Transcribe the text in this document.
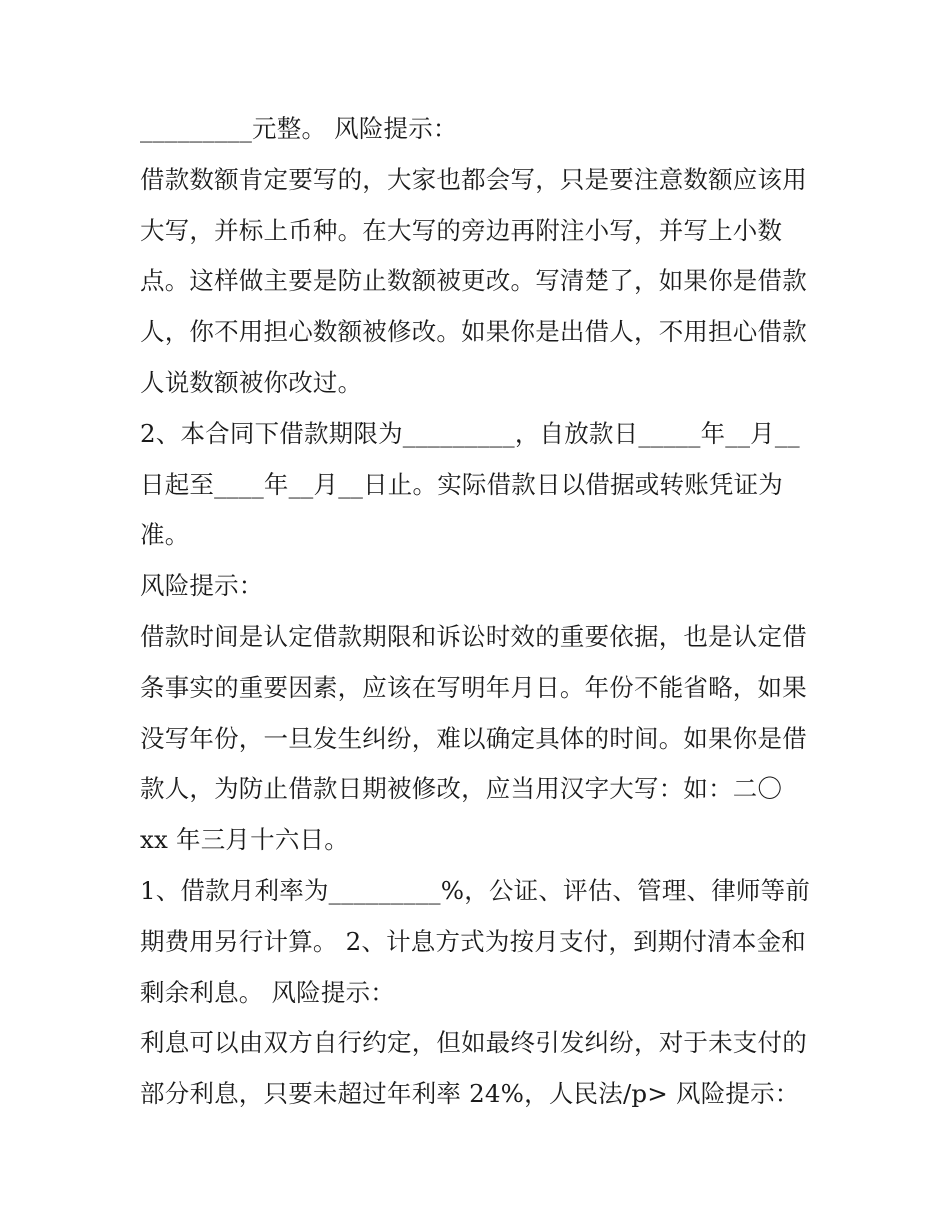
_________元整。 风险提示：
借款数额肯定要写的，大家也都会写，只是要注意数额应该用
大写，并标上币种。在大写的旁边再附注小写，并写上小数
点。这样做主要是防止数额被更改。写清楚了，如果你是借款
人，你不用担心数额被修改。如果你是出借人，不用担心借款
人说数额被你改过。
2、本合同下借款期限为_________，自放款日_____年__月__
日起至____年__月__日止。实际借款日以借据或转账凭证为
准。
风险提示：
借款时间是认定借款期限和诉讼时效的重要依据，也是认定借
条事实的重要因素，应该在写明年月日。年份不能省略，如果
没写年份，一旦发生纠纷，难以确定具体的时间。如果你是借
款人，为防止借款日期被修改，应当用汉字大写：如：二〇
xx 年三月十六日。
1、借款月利率为_________%，公证、评估、管理、律师等前
期费用另行计算。 2、计息方式为按月支付，到期付清本金和
剩余利息。 风险提示：
利息可以由双方自行约定，但如最终引发纠纷，对于未支付的
部分利息，只要未超过年利率 24%，人民法/p> 风险提示：
